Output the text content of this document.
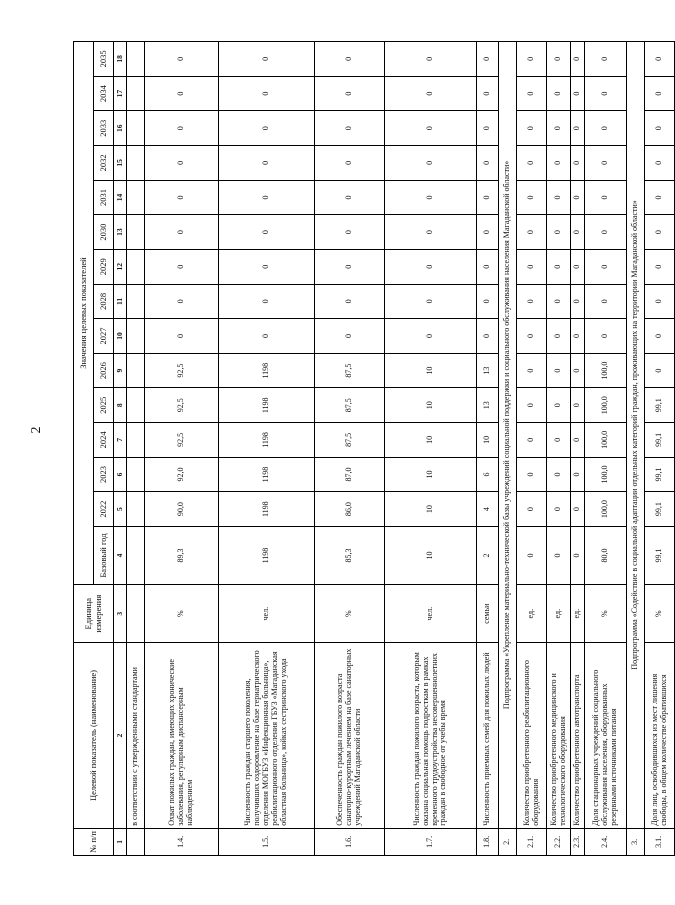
2
№ п/п	Целевой показатель (наименование)	Единица измерения	Значения целевых показателей														
			Базовый год	2022	2023	2024	2025	2026	2027	2028	2029	2030	2031	2032	2033	2034	2035
1	2	3	4	5	6	7	8	9	10	11	12	13	14	15	16	17	18
	в соответствии с утвержденными стандартами																
1.4.	Охват пожилых граждан, имеющих хронические заболевания, регулярным диспансерным наблюдением	%	89,3	90,0	92,0	92,5	92,5	92,5	0	0	0	0	0	0	0	0	0
1.5.	Численность граждан старшего поколения, получивших оздоровление на базе гериатрического отделения МОГБУЗ «Инфекционная больница», реабилитационного отделения ГБУЗ «Магаданская областная больница», койках сестринского ухода	чел.	1198	1198	1198	1198	1198	1198	0	0	0	0	0	0	0	0	0
1.6.	Обеспеченность граждан пожилого возраста санаторно-курортным лечением на базе санаторных учреждений Магаданской области	%	85,3	86,0	87,0	87,5	87,5	87,5	0	0	0	0	0	0	0	0	0
1.7.	Численность граждан пожилого возраста, которым оказана социальная помощь подросткам в рамках временного трудоустройства несовершеннолетних граждан в свободное от учебы время	чел.	10	10	10	10	10	10	0	0	0	0	0	0	0	0	0
1.8.	Численность приемных семей для пожилых людей	семьи	2	4	6	10	13	13	0	0	0	0	0	0	0	0	0
2.	Подпрограмма «Укрепление материально-технической базы учреждений социальной поддержки и социального обслуживания населения Магаданской области»																
2.1.	Количество приобретенного реабилитационного оборудования	ед.	0	0	0	0	0	0	0	0	0	0	0	0	0	0	0
2.2.	Количество приобретенного медицинского и технологического оборудования	ед.	0	0	0	0	0	0	0	0	0	0	0	0	0	0	0
2.3.	Количество приобретенного автотранспорта	ед.	0	0	0	0	0	0	0	0	0	0	0	0	0	0	0
2.4.	Доля стационарных учреждений социального обслуживания населения, оборудованных резервными источниками питания	%	80,0	100,0	100,0	100,0	100,0	100,0	0	0	0	0	0	0	0	0	0
3.	Подпрограмма «Содействие в социальной адаптации отдельных категорий граждан, проживающих на территории Магаданской области»																
3.1.	Доля лиц, освободившихся из мест лишения свободы, в общем количестве обратившихся	%	99,1	99,1	99,1	99,1	99,1	0	0	0	0	0	0	0	0	0	0
